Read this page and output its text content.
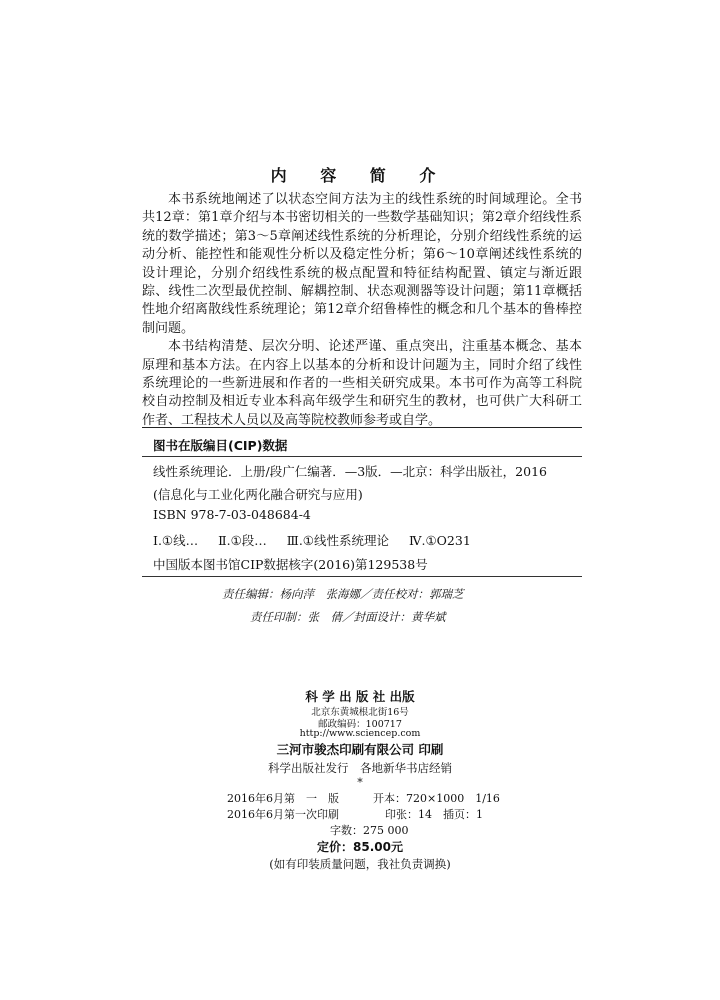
内 容 简 介

本书系统地阐述了以状态空间方法为主的线性系统的时间域理论。全书共12章：第1章介绍与本书密切相关的一些数学基础知识；第2章介绍线性系统的数学描述；第3～5章阐述线性系统的分析理论，分别介绍线性系统的运动分析、能控性和能观性分析以及稳定性分析；第6～10章阐述线性系统的设计理论，分别介绍线性系统的极点配置和特征结构配置、镇定与渐近跟踪、线性二次型最优控制、解耦控制、状态观测器等设计问题；第11章概括性地介绍离散线性系统理论；第12章介绍鲁棒性的概念和几个基本的鲁棒控制问题。

本书结构清楚、层次分明、论述严谨、重点突出，注重基本概念、基本原理和基本方法。在内容上以基本的分析和设计问题为主，同时介绍了线性系统理论的一些新进展和作者的一些相关研究成果。本书可作为高等工科院校自动控制及相近专业本科高年级学生和研究生的教材，也可供广大科研工作者、工程技术人员以及高等院校教师参考或自学。

图书在版编目(CIP)数据
线性系统理论．上册/段广仁编著．—3版．—北京：科学出版社，2016
(信息化与工业化两化融合研究与应用)
ISBN 978-7-03-048684-4
Ⅰ.①线… Ⅱ.①段… Ⅲ.①线性系统理论 Ⅳ.①O231
中国版本图书馆CIP数据核字(2016)第129538号
责任编辑：杨向萍　张海娜／责任校对：郭瑞芝
责任印制：张　倩／封面设计：黄华斌
科 学 出 版 社 出版
北京东黄城根北街16号
邮政编码：100717
http://www.sciencep.com
三河市骏杰印刷有限公司 印刷
科学出版社发行　各地新华书店经销
*
2016年6月第　一　版	开本：720×1000　1/16
2016年6月第一次印刷	印张：14　插页：1
字数：275 000
定价：85.00元
(如有印装质量问题，我社负责调换)
